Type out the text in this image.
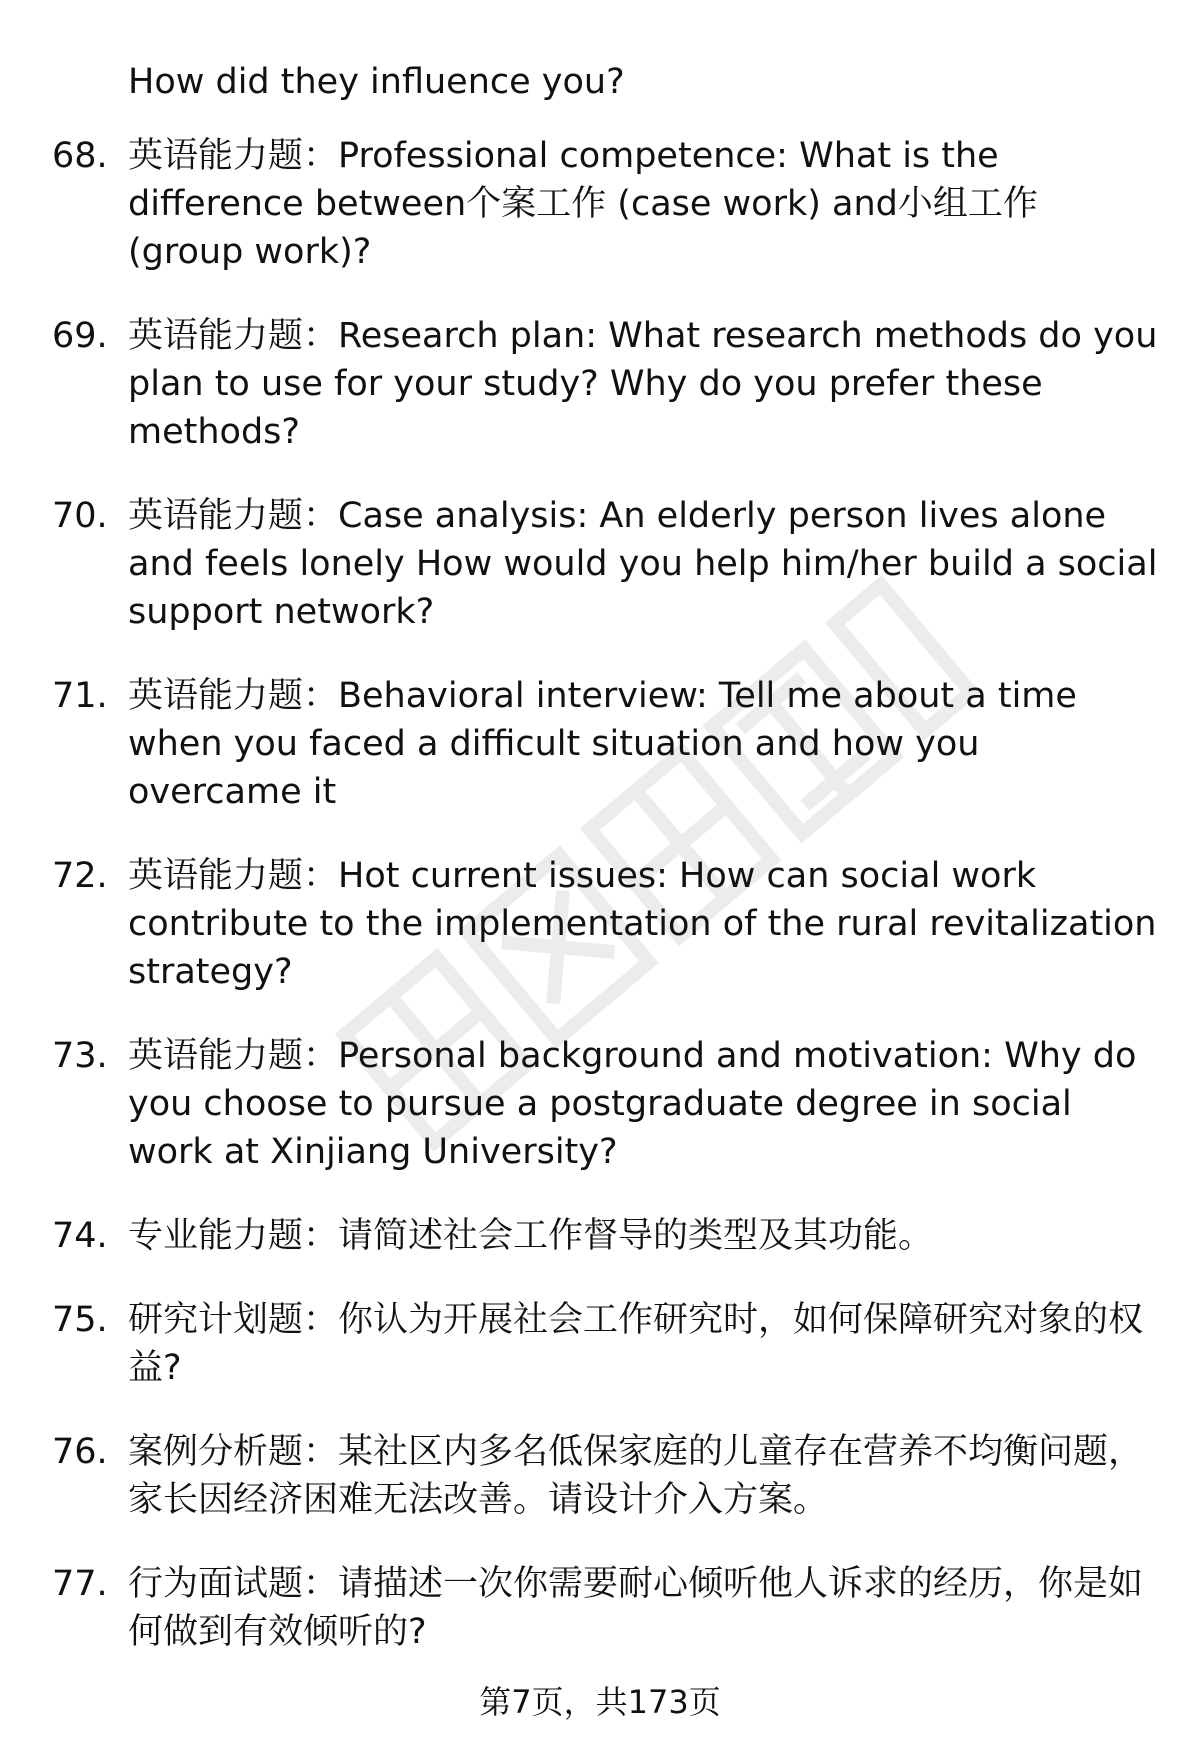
How did they influence you?

68. 英语能力题：Professional competence: What is the difference between个案工作 (case work) and小组工作 (group work)?
69. 英语能力题：Research plan: What research methods do you plan to use for your study? Why do you prefer these methods?
70. 英语能力题：Case analysis: An elderly person lives alone and feels lonely How would you help him/her build a social support network?
71. 英语能力题：Behavioral interview: Tell me about a time when you faced a difficult situation and how you overcame it
72. 英语能力题：Hot current issues: How can social work contribute to the implementation of the rural revitalization strategy?
73. 英语能力题：Personal background and motivation: Why do you choose to pursue a postgraduate degree in social work at Xinjiang University?
74. 专业能力题：请简述社会工作督导的类型及其功能。
75. 研究计划题：你认为开展社会工作研究时，如何保障研究对象的权益?
76. 案例分析题：某社区内多名低保家庭的儿童存在营养不均衡问题，家长因经济困难无法改善。请设计介入方案。
77. 行为面试题：请描述一次你需要耐心倾听他人诉求的经历，你是如何做到有效倾听的?
第7页，共173页
